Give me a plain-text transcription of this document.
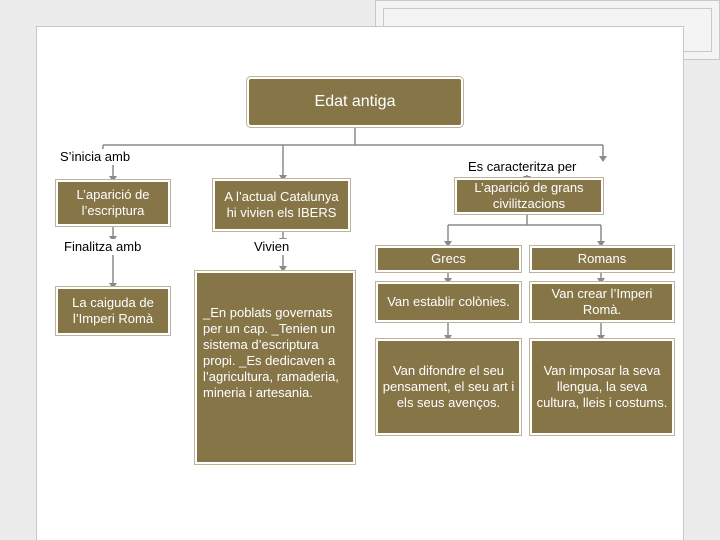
Edat antiga
S’inicia amb
Es caracteritza per
Finalitza amb	Vivien
L’aparició de l’escriptura
La caiguda de l’Imperi Romà
A l’actual Catalunya hi vivien els IBERS
_En poblats governats per un cap. _Tenien un sistema d’escriptura propi. _Es dedicaven a l’agricultura, ramaderia, mineria i artesania.
L’aparició de grans civilitzacions
Grecs	Romans
Van establir colònies.
Van crear l’Imperi Romà.
Van difondre el seu pensament, el seu art i els seus avenços.
Van imposar la seva llengua, la seva cultura, lleis i costums.
